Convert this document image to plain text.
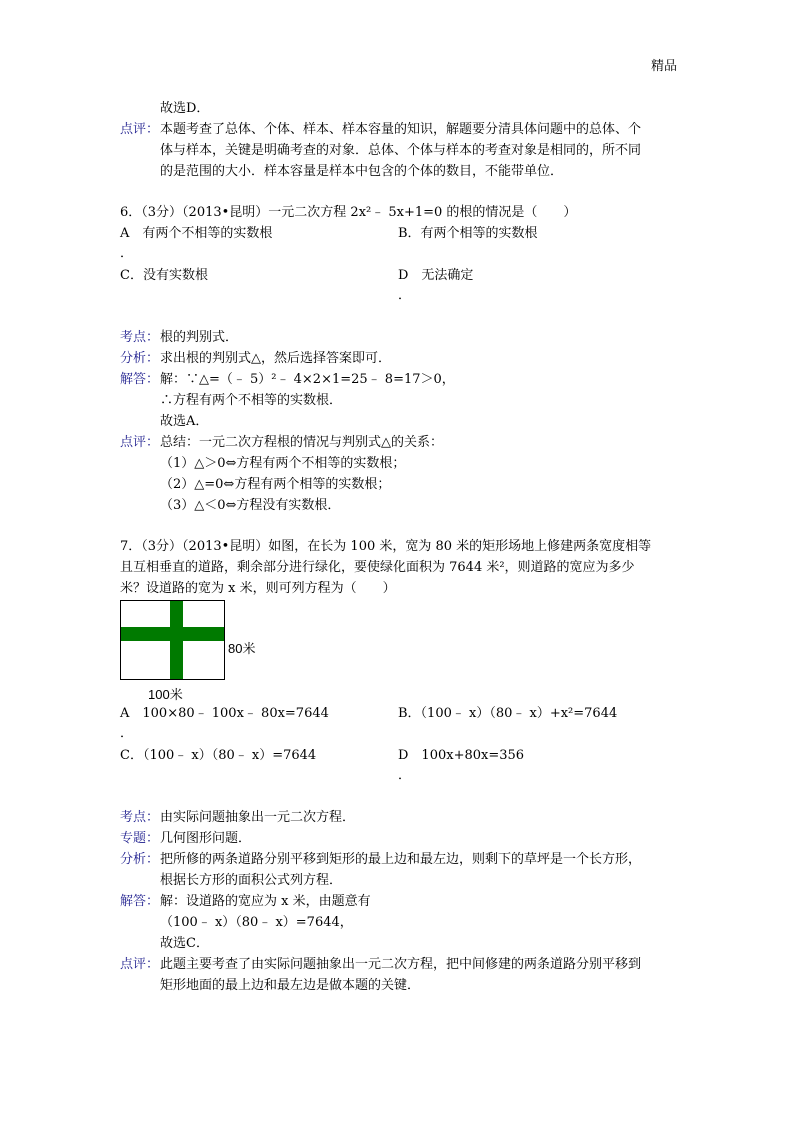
精品
故选D．
点评： 本题考查了总体、个体、样本、样本容量的知识，解题要分清具体问题中的总体、个
体与样本，关键是明确考查的对象．总体、个体与样本的考查对象是相同的，所不同
的是范围的大小．样本容量是样本中包含的个体的数目，不能带单位．
6．（3分）（2013•昆明）一元二次方程 2x²﹣ 5x+1=0 的根的情况是（　　）
A　有两个不相等的实数根	B．有两个相等的实数根
．
C．没有实数根	D　无法确定
．
考点： 根的判别式．
分析： 求出根的判别式△，然后选择答案即可．
解答： 解：∵△=（﹣ 5）²﹣ 4×2×1=25﹣ 8=17＞0，
∴方程有两个不相等的实数根．
故选A．
点评： 总结：一元二次方程根的情况与判别式△的关系：
（1）△＞0⇔方程有两个不相等的实数根；
（2）△=0⇔方程有两个相等的实数根；
（3）△＜0⇔方程没有实数根．
7．（3分）（2013•昆明）如图，在长为 100 米，宽为 80 米的矩形场地上修建两条宽度相等
且互相垂直的道路，剩余部分进行绿化，要使绿化面积为 7644 米²，则道路的宽应为多少
米？设道路的宽为 x 米，则可列方程为（　　）
80米
100米
A　100×80﹣ 100x﹣ 80x=7644	B．（100﹣ x）（80﹣ x）+x²=7644
．
C．（100﹣ x）（80﹣ x）=7644	D　100x+80x=356
．
考点： 由实际问题抽象出一元二次方程．
专题： 几何图形问题．
分析： 把所修的两条道路分别平移到矩形的最上边和最左边，则剩下的草坪是一个长方形，
根据长方形的面积公式列方程．
解答： 解：设道路的宽应为 x 米，由题意有
（100﹣ x）（80﹣ x）=7644，
故选C．
点评： 此题主要考查了由实际问题抽象出一元二次方程，把中间修建的两条道路分别平移到
矩形地面的最上边和最左边是做本题的关键．
